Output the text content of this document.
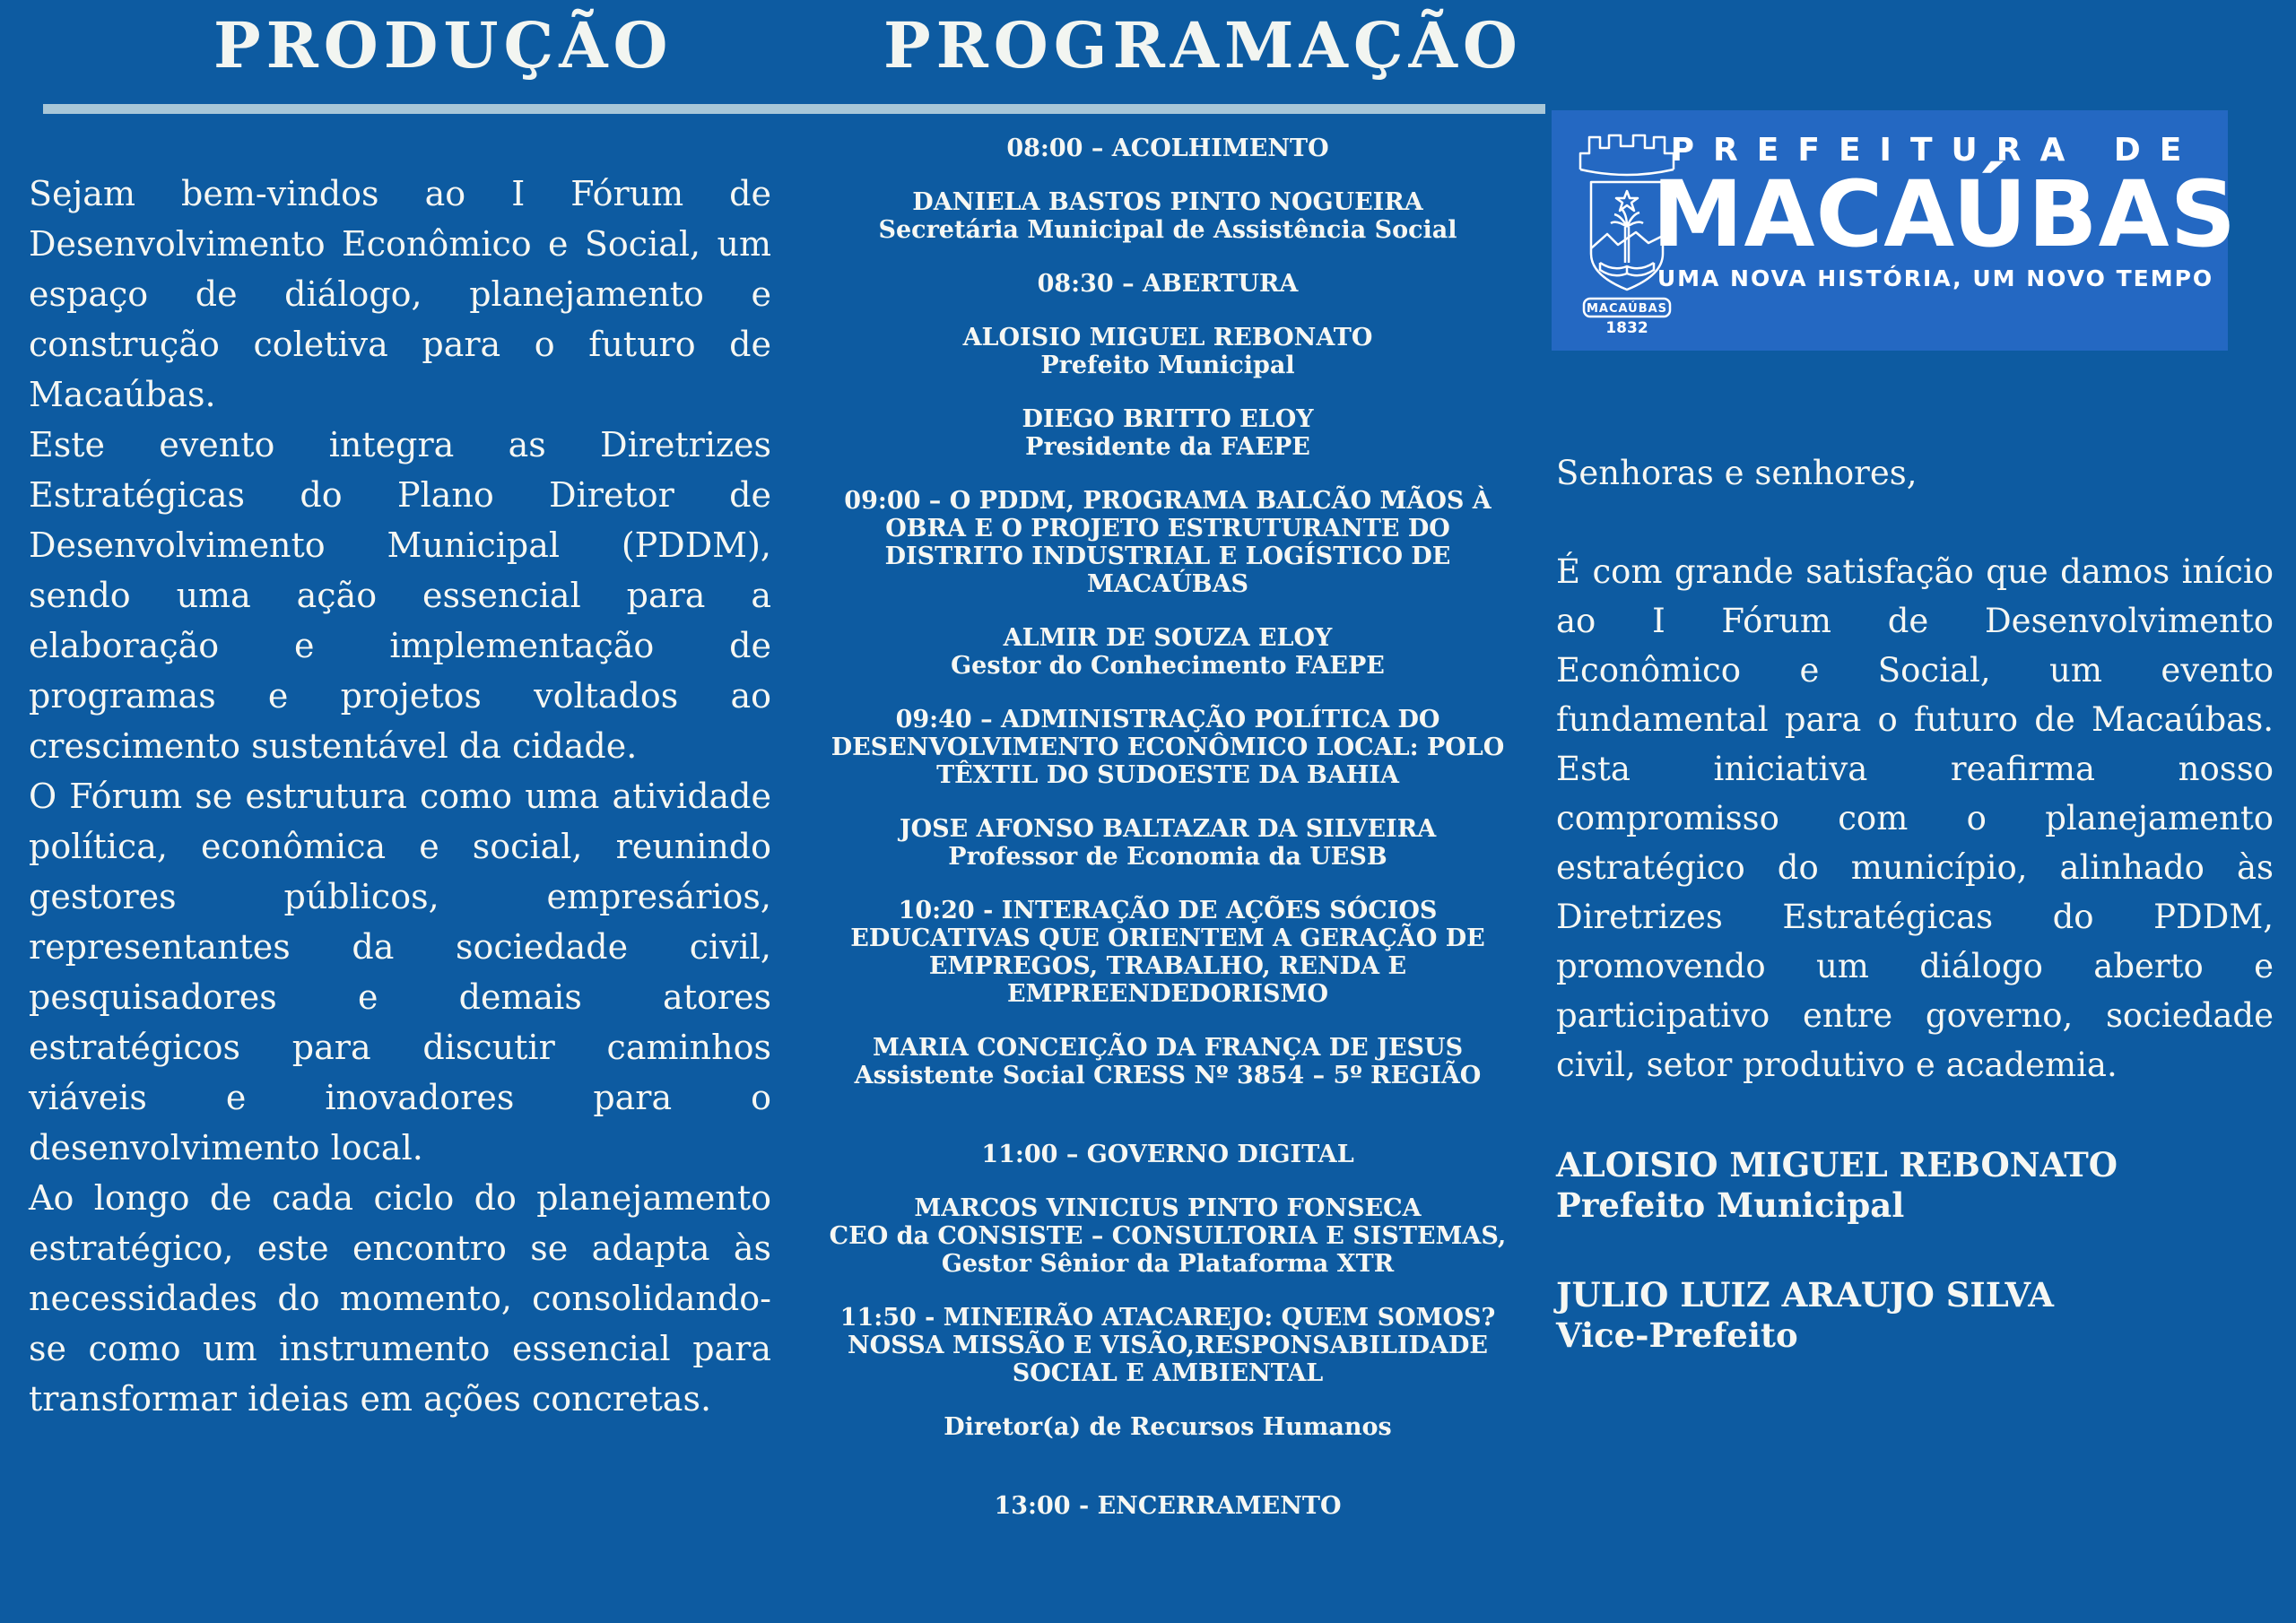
PRODUÇÃO	PROGRAMAÇÃO

Sejam bem-vindos ao I Fórum de Desenvolvimento Econômico e Social, um espaço de diálogo, planejamento e construção coletiva para o futuro de Macaúbas.

Este evento integra as Diretrizes Estratégicas do Plano Diretor de Desenvolvimento Municipal (PDDM), sendo uma ação essencial para a elaboração e implementação de programas e projetos voltados ao crescimento sustentável da cidade.

O Fórum se estrutura como uma atividade política, econômica e social, reunindo gestores públicos, empresários, representantes da sociedade civil, pesquisadores e demais atores estratégicos para discutir caminhos viáveis e inovadores para o desenvolvimento local.

Ao longo de cada ciclo do planejamento estratégico, este encontro se adapta às necessidades do momento, consolidando-se como um instrumento essencial para transformar ideias em ações concretas.

08:00 – ACOLHIMENTO
DANIELA BASTOS PINTO NOGUEIRA
Secretária Municipal de Assistência Social
08:30 – ABERTURA
ALOISIO MIGUEL REBONATO
Prefeito Municipal
DIEGO BRITTO ELOY
Presidente da FAEPE
09:00 – O PDDM, PROGRAMA BALCÃO MÃOS À OBRA E O PROJETO ESTRUTURANTE DO DISTRITO INDUSTRIAL E LOGÍSTICO DE MACAÚBAS
ALMIR DE SOUZA ELOY
Gestor do Conhecimento FAEPE
09:40 – ADMINISTRAÇÃO POLÍTICA DO DESENVOLVIMENTO ECONÔMICO LOCAL: POLO TÊXTIL DO SUDOESTE DA BAHIA
JOSE AFONSO BALTAZAR DA SILVEIRA
Professor de Economia da UESB
10:20 - INTERAÇÃO DE AÇÕES SÓCIOS EDUCATIVAS QUE ORIENTEM A GERAÇÃO DE EMPREGOS, TRABALHO, RENDA E EMPREENDEDORISMO
MARIA CONCEIÇÃO DA FRANÇA DE JESUS
Assistente Social CRESS Nº 3854 – 5º REGIÃO
11:00 – GOVERNO DIGITAL
MARCOS VINICIUS PINTO FONSECA
CEO da CONSISTE – CONSULTORIA E SISTEMAS,
Gestor Sênior da Plataforma XTR
11:50 - MINEIRÃO ATACAREJO: QUEM SOMOS? NOSSA MISSÃO E VISÃO,RESPONSABILIDADE SOCIAL E AMBIENTAL
Diretor(a) de Recursos Humanos
13:00 - ENCERRAMENTO
MACAÚBAS
1832
PREFEITURA DE
MACAÚBAS
UMA NOVA HISTÓRIA, UM NOVO TEMPO
Senhoras e senhores,

É com grande satisfação que damos início ao I Fórum de Desenvolvimento Econômico e Social, um evento fundamental para o futuro de Macaúbas. Esta iniciativa reafirma nosso compromisso com o planejamento estratégico do município, alinhado às Diretrizes Estratégicas do PDDM, promovendo um diálogo aberto e participativo entre governo, sociedade civil, setor produtivo e academia.

ALOISIO MIGUEL REBONATO
Prefeito Municipal
JULIO LUIZ ARAUJO SILVA
Vice-Prefeito
